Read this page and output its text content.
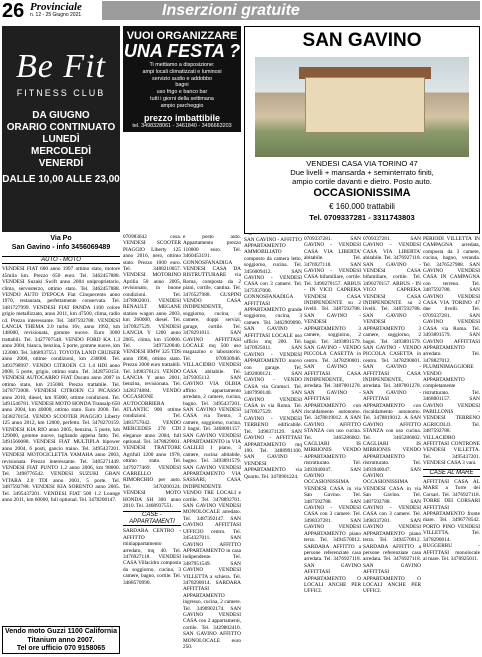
26 Provinciale
n. 12 - 25 Giugno 2021	Inserzioni gratuite
Be Fit
FITNESS CLUB
DA GIUGNO
ORARIO CONTINUATO
LUNEDÌ
MERCOLEDÌ
VENERDÌ
DALLE 10,00 ALLE 23,00
Via Po
San Gavino - info 3456069489
AUTO - MOTO

VENDESI FIAT 600 anno 1997 ottimo stato, motore 45mila km. Prezzo 650 euro. Tel. 3462457888. VENDESI Suzuki Swift anno 2004 uniproprietario, clima, servosterzo, ottimo stato. Tel. 3462457888. VENDO AUTO D'EPOCA Fiat Cinquecento anno 1970, restaurata, perfettamente conservata. Tel. 3481727999. VENDESI FIAT PANDA 1100 colore grigio metallizzato, anno 2011, km 47500, clima, radio cd. Prezzo interessante. Tel. 3487592788. VENDESI LANCIA THEMA 2.0 turbo 16v, anno 1992, km 148000, revisionata, gomme nuove. Euro 3000 trattabili. Tel. 3427707548. VENDO FORD KA 1.3 anno 2004, bianca, benzina, 5 porte, gomme nuove, km 123000. Tel. 3468937551. TOYOTA LAND CRUISER anno 2000, ottime condizioni, km 230000. Tel. 3493798997. VENDO CITROEN C3 1.4 HDI anno 2008, 5 porte, grigio, ottimo stato. Tel. 3428750154. VENDESI AUTOCARRO FIAT Ducato anno 2007 in ottimo stato, km 215000. Prezzo trattabile. Tel. 3478772008. VENDESI CITROEN C3 PICASSO anno 2010, diesel, km 95000, ottime condizioni. Tel. 3491546781. VENDESI MOTO HONDA Transalp 650 anno 2004, km 40000, ottimo stato. Euro 2000. Tel. 3438270154. VENDO SCOOTER PIAGGIO Liberty 125 anno 2012, km 12000, perfetto. Tel. 3478270159. VENDESI KIA RIO anno 2005, benzina, 5 porte, km 129000, gomme nuove, tagliando appena fatto. Tel. 3491560088. VENDESI FIAT MULTIPLA bipower anno 2004, 6 posti, gancio traino. Tel. 3495437201. VENDESI MOTOCICLETTA YAMAHA anno 2003, revisionata. Prezzo interessante. Tel. 3405271449. VENDESI FIAT PUNTO 1.2 anno 2006, km 98000. Tel. 3498776542. VENDESI SUZUKI GRAN VITARA 2.0 TDI anno 2001, 5 porte. Tel. 3487592788. VENDESI KIA SORENTO anno 2005. Tel. 3495437201. VENDESI FIAT 500 1.2 Lounge anno 2011, km 60000, full optional. Tel. 3478200147.

Vendo moto Guzzi 1100 California
Titanium anno 2007.
Tel ore ufficio 070 9158065

070983642 cosa. VENDESI SCOOTER PIAGGIO Liberty 125 anno 2016, nero, ottimo stato. Prezzo 1000 euro. Tel. 3488210057. VENDESI MOTORINO Aprilia 50 anno 2005, revisionato, in buone condizioni. Tel. 3478902001. VENDESI RENAULT MEGANE station wagon anno 2003, km 260000, diesel. Tel. 3470927529. VENDESI LANCIA Y 1200 anno 2005, clima, km 150000. Tel. 3497320040. VENDESI BMW 325 TDS anno 1996, ottimo stato. Prezzo 2000 euro trattabili. Tel. 3498376121. VENDO LANCIA Y anno 2001, benzina, revisionata. Tel. 3428374884. VENDO OCCASIONE AUTOCORRIERA ATLANTIC 900 ottime condizioni. Tel. 3483757042. VENDO MERCEDES 270 CDI elegance anno 2004, full optional. Tel. 3478829001. VENDESI TRATTORE Agrifull 1200 anno 1978, ottimo stato. Tel. 3479277469. VENDESI CARRELLO RIMORCHIO per auto. Tel. 3470200124. VENDESI MOTO HONDA SH 300 anno 2010. Tel. 3468937551.

CASE - APPARTAMENTI

SARDARA CENTRO - AFFITTO miniappartamento arredato, mq 40. Tel. 3476927118. VENDESI CASA Villacidro composta da soggiorno, cucina, 3 camere, bagno, cortile. Tel. 3488570990.

VUOI ORGANIZZARE
UNA FESTA ?
Ti mettiamo a disposizione:
ampi locali climatizzati e luminosi
servizio audio e addobbo
bagni
uso frigo e banco bar
tutti i giorni della settimana
ampio parcheggio
prezzo imbattibile
tel. 3498328061 - 3461840 - 3496663203

e posto auto. Appartamento prezzo 110000 euro. Tel. 3460453191. GONNOSFANADIGA VENDESI CASA DA RISTRUTTURARE via Roma, composta da 2 piani, cortile, cantina. Tel. 3476527988. GUSPINI VENDO CASA INDIPENDENTE, soggiorno, cucina, 4 camere, doppi servizi, garage, cortile. Tel. 3478291011. SAN GAVINO AFFITTASI LOCALE mq 500 uso magazzino o laboratorio. Tel. 070930946. VILLACIDRO VENDESI CASA abitabile. Tel. 3479305112. SAN GAVINO VIA OLBIA affitto appartamento arredato, 2 camere, cucina, bagno. Tel. 3495437201. SAN GAVINO VENDESI CASA via Trento, 3 camere, soggiorno, cucina, 2 bagni. Tel. 3468001157. SAN GAVINO VENDESI APPARTAMENTO in VIA GALILEI I piano, 3 camere, cucina abitabile, bagno. Tel. 3493891579. SAN GAVINO VENDESI APPARTAMENTO VIA SASSARI, CASA INDIPENDENTE VENDO TRE LOCALI e cortile. Tel. 3478892701. SAN GAVINO VENDESI MONOLOCALE arredato. Tel. 3487392147. SAN GAVINO AFFITTASI UFFICIO centro. Tel. 3454327011. SAN GAVINO AFFITTO APPARTAMENTO in casa indipendente. Tel. 3487951549. SAN GAVINO VENDESI VILLETTA a schiera. Tel. 3478290014. SARDARA AFFITTASI APPARTAMENTO ingresso, cucina, 2 camere. Tel. 3490902174. SAN GAVINO VENDESI CASA con 2 appartamenti, cortile. Tel. 3429802410. SAN GAVINO AFFITTO MONOLOCALE euro 250.

SAN GAVINO - AFFITTO APPARTAMENTO AMMOBILIATO composto da camera letto, soggiorno, cucina. Tel. 3456009412. SAN GAVINO - VENDESI CASA con 3 camere. Tel. 3475937000. GONNOSFANADIGA AFFITTASI APPARTAMENTO grande soggiorno, cucina, 3 camere. Tel. 3462909090. SAN GAVINO - AFFITTASI LOCALE uso ufficio mq 200. Tel. 3470925011. SAN GAVINO - VENDESI APPARTAMENTO nuovo con garage. Tel. 3492000121. SAN GAVINO - VENDO CASA via Gramsci. Tel. 3487990140. SAN GAVINO VENDESI CASA in via Roma. Tel. 3470927529. SAN GAVINO - VENDESI TERRENO edificabile. Tel. 3498371129. SAN GAVINO - AFFITTASI APPARTAMENTO mq 100. Tel. 3488991100. SAN GAVINO - VENDESI APPARTAMENTO via Quartu. Tel. 3478901224.

SAN GAVINO
VENDESI CASA VIA TORINO 47
Due livelli + mansarda + seminterrato finiti,
ampio cortile davanti e dietro. Posto auto.
OCCASIONISSIMA
€ 160.000 trattabili
Tel. 0709337281 - 3311743803

0709337281. SAN GAVINO - VENDESI CASA VIA LIBERTA' abitabile. Tel. 3476927118. SAN GAVINO - VENDESI CASA bifamiliare, cortile. Tel. 3490270157. ARBUS - IN VICO CAPRERA VENDESI CASA INDIPENDENTE su 2 livelli. Tel. 3487592788. SAN GAVINO - VENDESI APPARTAMENTO 3 camere, soggiorno, 2 bagni. Tel. 3493891579. SAN GAVINO - VENDO PICCOLA CASETTA in centro. Tel. 3478290001. SAN GAVINO - AFFITTASI CASA INDIPENDENTE, arredata. Tel. 3487001278. SAN GAVINO - AFFITTASI APPARTAMENTO con riscaldamento autonomo. Tel. 3478819012. A SAN GAVINO AFFITTO STANZA con uso cucina. Tel. 3465286002. CAGLIARI IS MIRRIONIS VENDO APPARTAMENTO ristrutturato. Tel. 3493940047. SAN GAVINO OCCASIONISSIMA VENDESI CASA in via San Gavino. Tel. 3487592788. SAN GAVINO - VENDESI CASA con 3 camere. Tel. 3498337281. SAN GAVINO VENDESI APPARTAMENTO piano terra. Tel. 3494570012. SARDARA AFFITTO a persone referenziate casa arredata. Tel. 3476927118. SAN GAVINO AFFITTASI APPARTAMENTO O LOCALI ANCHE PER UFFICI.

PERIODI VILLETTA IN CAMPAGNA arredata, composta da 3 camere, cucina, bagno, veranda. Tel. 3476527988. SAN GAVINO VENDESI CASA IN CAMPAGNA con terreno. Tel. 3487592788. SAN GAVINO VENDESI CASA VIA TORINO 47 due livelli. Tel. 0709337281. SAN GAVINO VENDESI CASA via Roma. Tel. 3493891579. SAN GAVINO AFFITTASI APPARTAMENTO arredato. Tel. 3478827012. PLUMINIMAGGIORE VENDO APPARTAMENTO completamente ristrutturato. Tel. 3468001157. SAN GAVINO VENDESI PABILLONIS - VENDESI TERRENO AGRICOLO. Tel. 3487592788. VILLACIDRO AFFITTASI CONTRONE VENDESI VILLETTA. Tel. 3495437201. VENDESI CASA 3 vani.

CASE AL MARE

AFFITTASI CASA AL MARE a Torre dei Corsari. Tel. 3476927118. TORRE DEI CORSARI AFFITTASI APPARTAMENTO fronte mare. Tel. 3496778542. PORTO PINO VENDESI VILLETTA. Tel. 3478290014. BUGGERRU - AFFITTASI monolocale al mare. Tel. 3470925011.

0709337281. SAN GAVINO - VENDESI CASA VIA LIBERTA' abitabile. Tel. 3476927118. SAN GAVINO - VENDESI CASA bifamiliare, cortile. Tel. 3490270157. ARBUS - IN VICO CAPRERA VENDESI CASA INDIPENDENTE su 2 livelli. Tel. 3487592788. SAN GAVINO - VENDESI APPARTAMENTO 3 camere, soggiorno, 2 bagni. Tel. 3493891579. SAN GAVINO - VENDO PICCOLA CASETTA in centro. Tel. 3478290001. SAN GAVINO - AFFITTASI CASA INDIPENDENTE, arredata. Tel. 3487001278. SAN GAVINO - AFFITTASI APPARTAMENTO con riscaldamento autonomo. Tel. 3478819012. A SAN GAVINO AFFITTO STANZA con uso cucina. Tel. 3465286002. CAGLIARI IS MIRRIONIS VENDO APPARTAMENTO ristrutturato. Tel. 3493940047. SAN GAVINO OCCASIONISSIMA VENDESI CASA in via San Gavino. Tel. 3487592788. SAN GAVINO - VENDESI CASA con 3 camere. Tel. 3498337281. SAN GAVINO VENDESI APPARTAMENTO piano terra. Tel. 3494570012. SARDARA AFFITTO a persone referenziate casa arredata. Tel. 3476927118. SAN GAVINO AFFITTASI APPARTAMENTO O LOCALI ANCHE PER UFFICI.
